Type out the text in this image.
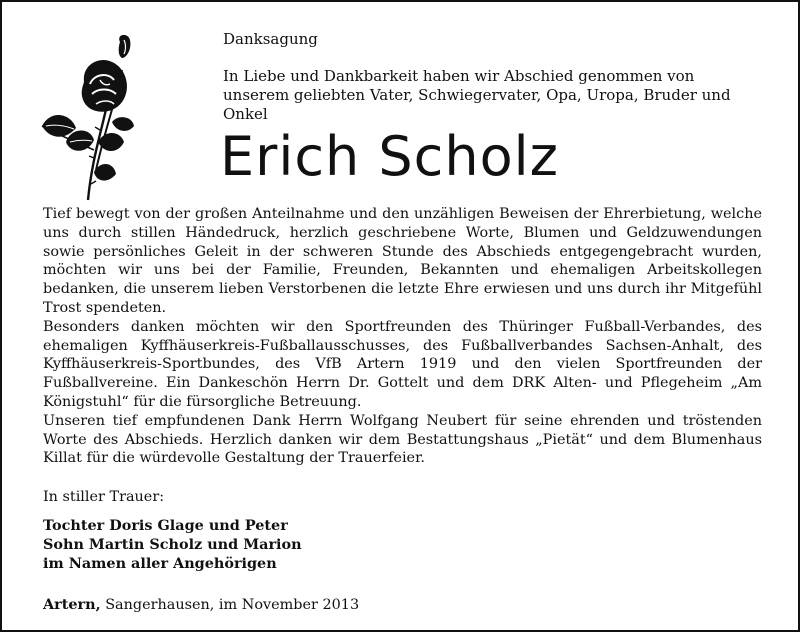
Danksagung
In Liebe und Dankbarkeit haben wir Abschied genommen von unserem geliebten Vater, Schwiegervater, Opa, Uropa, Bruder und Onkel
Erich Scholz

Tief bewegt von der großen Anteilnahme und den unzähligen Beweisen der Ehrerbietung, welche uns durch stillen Händedruck, herzlich geschriebene Worte, Blumen und Geldzuwendungen sowie persönliches Geleit in der schweren Stunde des Abschieds entgegengebracht wurden, möchten wir uns bei der Familie, Freunden, Bekannten und ehemaligen Arbeitskollegen bedanken, die unserem lieben Verstorbenen die letzte Ehre erwiesen und uns durch ihr Mitgefühl Trost spendeten.

Besonders danken möchten wir den Sportfreunden des Thüringer Fußball-Verbandes, des ehemaligen Kyffhäuserkreis-Fußballausschusses, des Fußballverbandes Sachsen-Anhalt, des Kyffhäuserkreis-Sportbundes, des VfB Artern 1919 und den vielen Sportfreunden der Fußballvereine. Ein Dankeschön Herrn Dr. Gottelt und dem DRK Alten- und Pflegeheim „Am Königstuhl“ für die fürsorgliche Betreuung.

Unseren tief empfundenen Dank Herrn Wolfgang Neubert für seine ehrenden und tröstenden Worte des Abschieds. Herzlich danken wir dem Bestattungshaus „Pietät“ und dem Blumenhaus Killat für die würdevolle Gestaltung der Trauerfeier.

In stiller Trauer:
Tochter Doris Glage und Peter
Sohn Martin Scholz und Marion
im Namen aller Angehörigen
Artern, Sangerhausen, im November 2013
